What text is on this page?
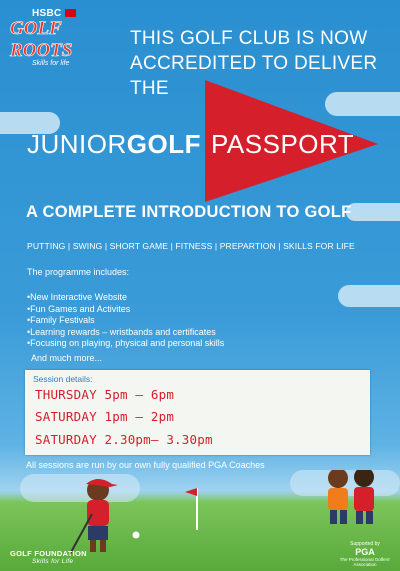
HSBC
GOLF ROOTS
Skills for life
THIS GOLF CLUB IS NOW
ACCREDITED TO DELIVER THE
JUNIORGOLF PASSPORT
A COMPLETE INTRODUCTION TO GOLF
PUTTING | SWING | SHORT GAME | FITNESS | PREPARTION | SKILLS FOR LIFE
The programme includes:
• New Interactive Website
• Fun Games and Activites
• Family Festivals
• Learning rewards – wristbands and certificates
• Focusing on playing, physical and personal skills
And much more...
Session details:
THURSDAY 5pm — 6pm
SATURDAY 1pm — 2pm
SATURDAY 2.30pm— 3.30pm
All sessions are run by our own fully qualified PGA Coaches
GOLF FOUNDATION
Skills for Life
Supported by
PGA
The Professional Golfers' Association
